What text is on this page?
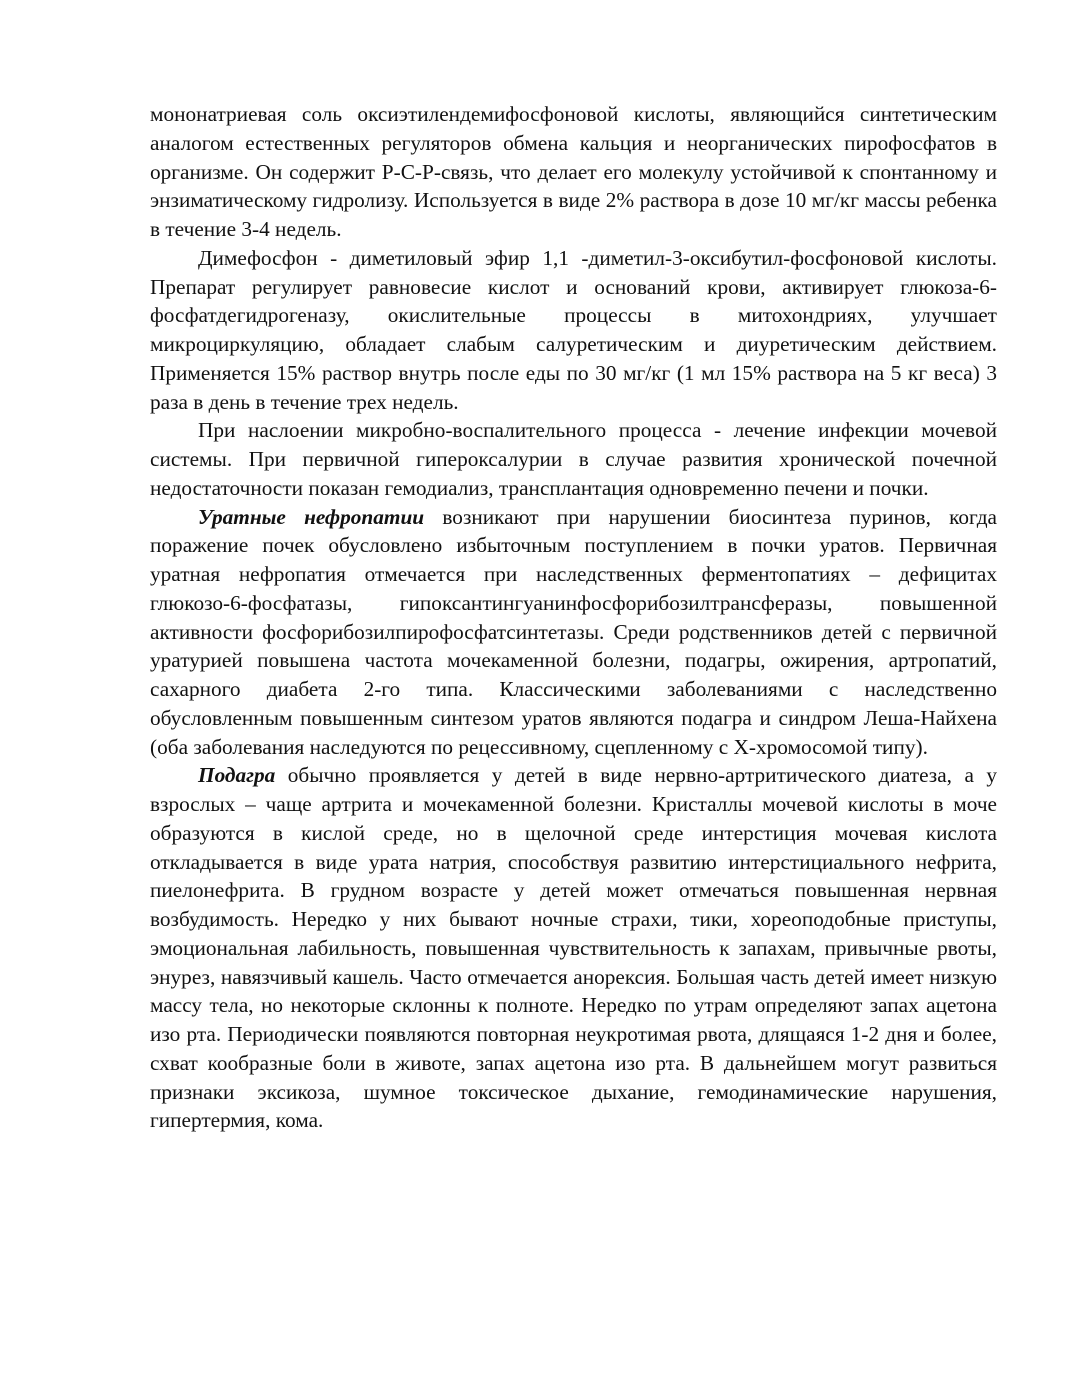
мононатриевая соль оксиэтилендемифосфоновой кислоты, являющийся синтетическим аналогом естественных регуляторов обмена кальция и неорганических пирофосфатов в организме. Он содержит Р-С-Р-связь, что делает его молекулу устойчивой к спонтанному и энзиматическому гидролизу. Используется в виде 2% раствора в дозе 10 мг/кг массы ребенка в течение 3-4 недель.

Димефосфон - диметиловый эфир 1,1 -диметил-3-оксибутил-фосфоновой кислоты. Препарат регулирует равновесие кислот и оснований крови, активирует глюкоза-6-фосфатдегидрогеназу, окислительные процессы в митохондриях, улучшает микроциркуляцию, обладает слабым салуретическим и диуретическим действием. Применяется 15% раствор внутрь после еды по 30 мг/кг (1 мл 15% раствора на 5 кг веса) 3 раза в день в течение трех недель.

При наслоении микробно-воспалительного процесса - лечение инфекции мочевой системы. При первичной гипероксалурии в случае развития хронической почечной недостаточности показан гемодиализ, трансплантация одновременно печени и почки.

Уратные нефропатии возникают при нарушении биосинтеза пуринов, когда поражение почек обусловлено избыточным поступлением в почки уратов. Первичная уратная нефропатия отмечается при наследственных ферментопатиях – дефицитах глюкозо-6-фосфатазы, гипоксантингуанинфосфорибозилтрансферазы, повышенной активности фосфорибозилпирофосфатсинтетазы. Среди родственников детей с первичной уратурией повышена частота мочекаменной болезни, подагры, ожирения, артропатий, сахарного диабета 2-го типа. Классическими заболеваниями с наследственно обусловленным повышенным синтезом уратов являются подагра и синдром Леша-Найхена (оба заболевания наследуются по рецессивному, сцепленному с Х-хромосомой типу).

Подагра обычно проявляется у детей в виде нервно-артритического диатеза, а у взрослых – чаще артрита и мочекаменной болезни. Кристаллы мочевой кислоты в моче образуются в кислой среде, но в щелочной среде интерстиция мочевая кислота откладывается в виде урата натрия, способствуя развитию интерстициального нефрита, пиелонефрита. В грудном возрасте у детей может отмечаться повышенная нервная возбудимость. Нередко у них бывают ночные страхи, тики, хореоподобные приступы, эмоциональная лабильность, повышенная чувствительность к запахам, привычные рвоты, энурез, навязчивый кашель. Часто отмечается анорексия. Большая часть детей имеет низкую массу тела, но некоторые склонны к полноте. Нередко по утрам определяют запах ацетона изо рта. Периодически появляются повторная неукротимая рвота, длящаяся 1-2 дня и более, схват кообразные боли в животе, запах ацетона изо рта. В дальнейшем могут развиться признаки эксикоза, шумное токсическое дыхание, гемодинамические нарушения, гипертермия, кома.
